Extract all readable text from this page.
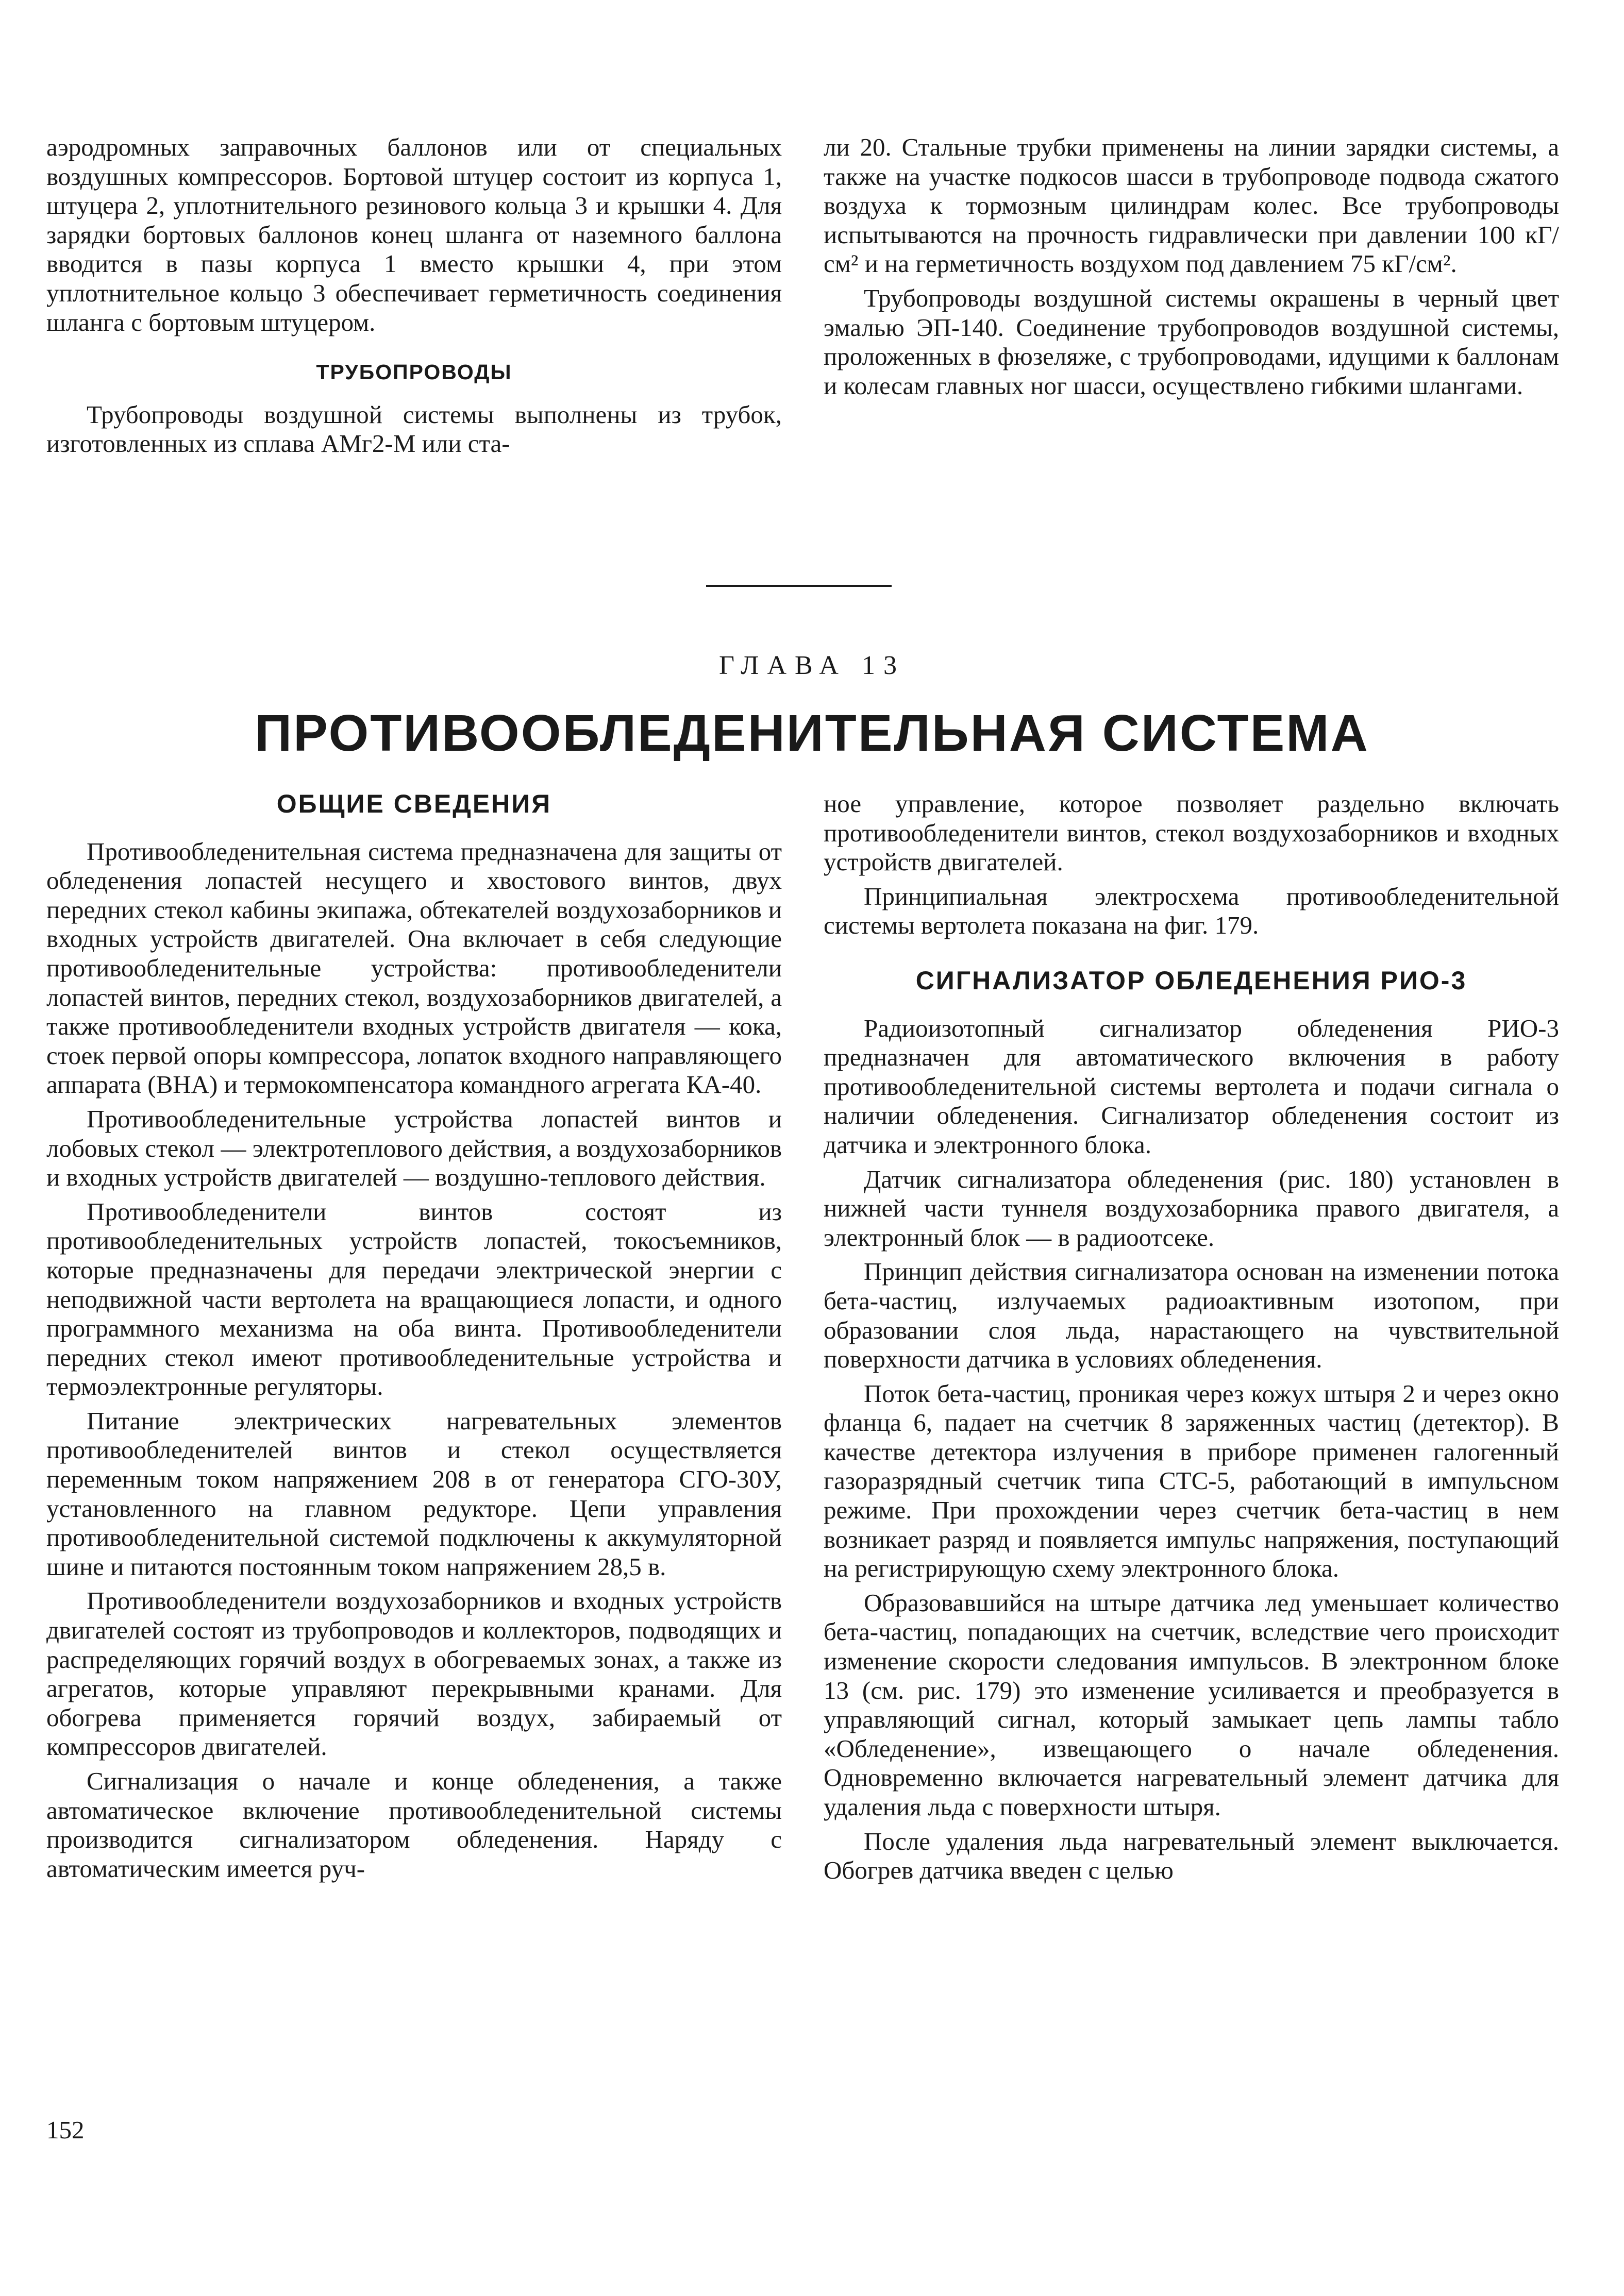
аэродромных заправочных баллонов или от специальных воздушных компрессоров. Бортовой штуцер состоит из корпуса 1, штуцера 2, уплотнительного резинового кольца 3 и крышки 4. Для зарядки бортовых баллонов конец шланга от наземного баллона вводится в пазы корпуса 1 вместо крышки 4, при этом уплотнительное кольцо 3 обеспечивает герметичность соединения шланга с бортовым штуцером.

ТРУБОПРОВОДЫ

Трубопроводы воздушной системы выполнены из трубок, изготовленных из сплава АМг2-М или ста-

ли 20. Стальные трубки применены на линии зарядки системы, а также на участке подкосов шасси в трубопроводе подвода сжатого воздуха к тормозным цилиндрам колес. Все трубопроводы испытываются на прочность гидравлически при давлении 100 кГ/см² и на герметичность воздухом под давлением 75 кГ/см².

Трубопроводы воздушной системы окрашены в черный цвет эмалью ЭП-140. Соединение трубопроводов воздушной системы, проложенных в фюзеляже, с трубопроводами, идущими к баллонам и колесам главных ног шасси, осуществлено гибкими шлангами.

ГЛАВА 13
ПРОТИВООБЛЕДЕНИТЕЛЬНАЯ СИСТЕМА
ОБЩИЕ СВЕДЕНИЯ

Противообледенительная система предназначена для защиты от обледенения лопастей несущего и хвостового винтов, двух передних стекол кабины экипажа, обтекателей воздухозаборников и входных устройств двигателей. Она включает в себя следующие противообледенительные устройства: противообледенители лопастей винтов, передних стекол, воздухозаборников двигателей, а также противообледенители входных устройств двигателя — кока, стоек первой опоры компрессора, лопаток входного направляющего аппарата (ВНА) и термокомпенсатора командного агрегата КА-40.

Противообледенительные устройства лопастей винтов и лобовых стекол — электротеплового действия, а воздухозаборников и входных устройств двигателей — воздушно-теплового действия.

Противообледенители винтов состоят из противообледенительных устройств лопастей, токосъемников, которые предназначены для передачи электрической энергии с неподвижной части вертолета на вращающиеся лопасти, и одного программного механизма на оба винта. Противообледенители передних стекол имеют противообледенительные устройства и термоэлектронные регуляторы.

Питание электрических нагревательных элементов противообледенителей винтов и стекол осуществляется переменным током напряжением 208 в от генератора СГО-30У, установленного на главном редукторе. Цепи управления противообледенительной системой подключены к аккумуляторной шине и питаются постоянным током напряжением 28,5 в.

Противообледенители воздухозаборников и входных устройств двигателей состоят из трубопроводов и коллекторов, подводящих и распределяющих горячий воздух в обогреваемых зонах, а также из агрегатов, которые управляют перекрывными кранами. Для обогрева применяется горячий воздух, забираемый от компрессоров двигателей.

Сигнализация о начале и конце обледенения, а также автоматическое включение противообледенительной системы производится сигнализатором обледенения. Наряду с автоматическим имеется руч-

ное управление, которое позволяет раздельно включать противообледенители винтов, стекол воздухозаборников и входных устройств двигателей.

Принципиальная электросхема противообледенительной системы вертолета показана на фиг. 179.

СИГНАЛИЗАТОР ОБЛЕДЕНЕНИЯ РИО-3

Радиоизотопный сигнализатор обледенения РИО-3 предназначен для автоматического включения в работу противообледенительной системы вертолета и подачи сигнала о наличии обледенения. Сигнализатор обледенения состоит из датчика и электронного блока.

Датчик сигнализатора обледенения (рис. 180) установлен в нижней части туннеля воздухозаборника правого двигателя, а электронный блок — в радиоотсеке.

Принцип действия сигнализатора основан на изменении потока бета-частиц, излучаемых радиоактивным изотопом, при образовании слоя льда, нарастающего на чувствительной поверхности датчика в условиях обледенения.

Поток бета-частиц, проникая через кожух штыря 2 и через окно фланца 6, падает на счетчик 8 заряженных частиц (детектор). В качестве детектора излучения в приборе применен галогенный газоразрядный счетчик типа СТС-5, работающий в импульсном режиме. При прохождении через счетчик бета-частиц в нем возникает разряд и появляется импульс напряжения, поступающий на регистрирующую схему электронного блока.

Образовавшийся на штыре датчика лед уменьшает количество бета-частиц, попадающих на счетчик, вследствие чего происходит изменение скорости следования импульсов. В электронном блоке 13 (см. рис. 179) это изменение усиливается и преобразуется в управляющий сигнал, который замыкает цепь лампы табло «Обледенение», извещающего о начале обледенения. Одновременно включается нагревательный элемент датчика для удаления льда с поверхности штыря.

После удаления льда нагревательный элемент выключается. Обогрев датчика введен с целью

152
